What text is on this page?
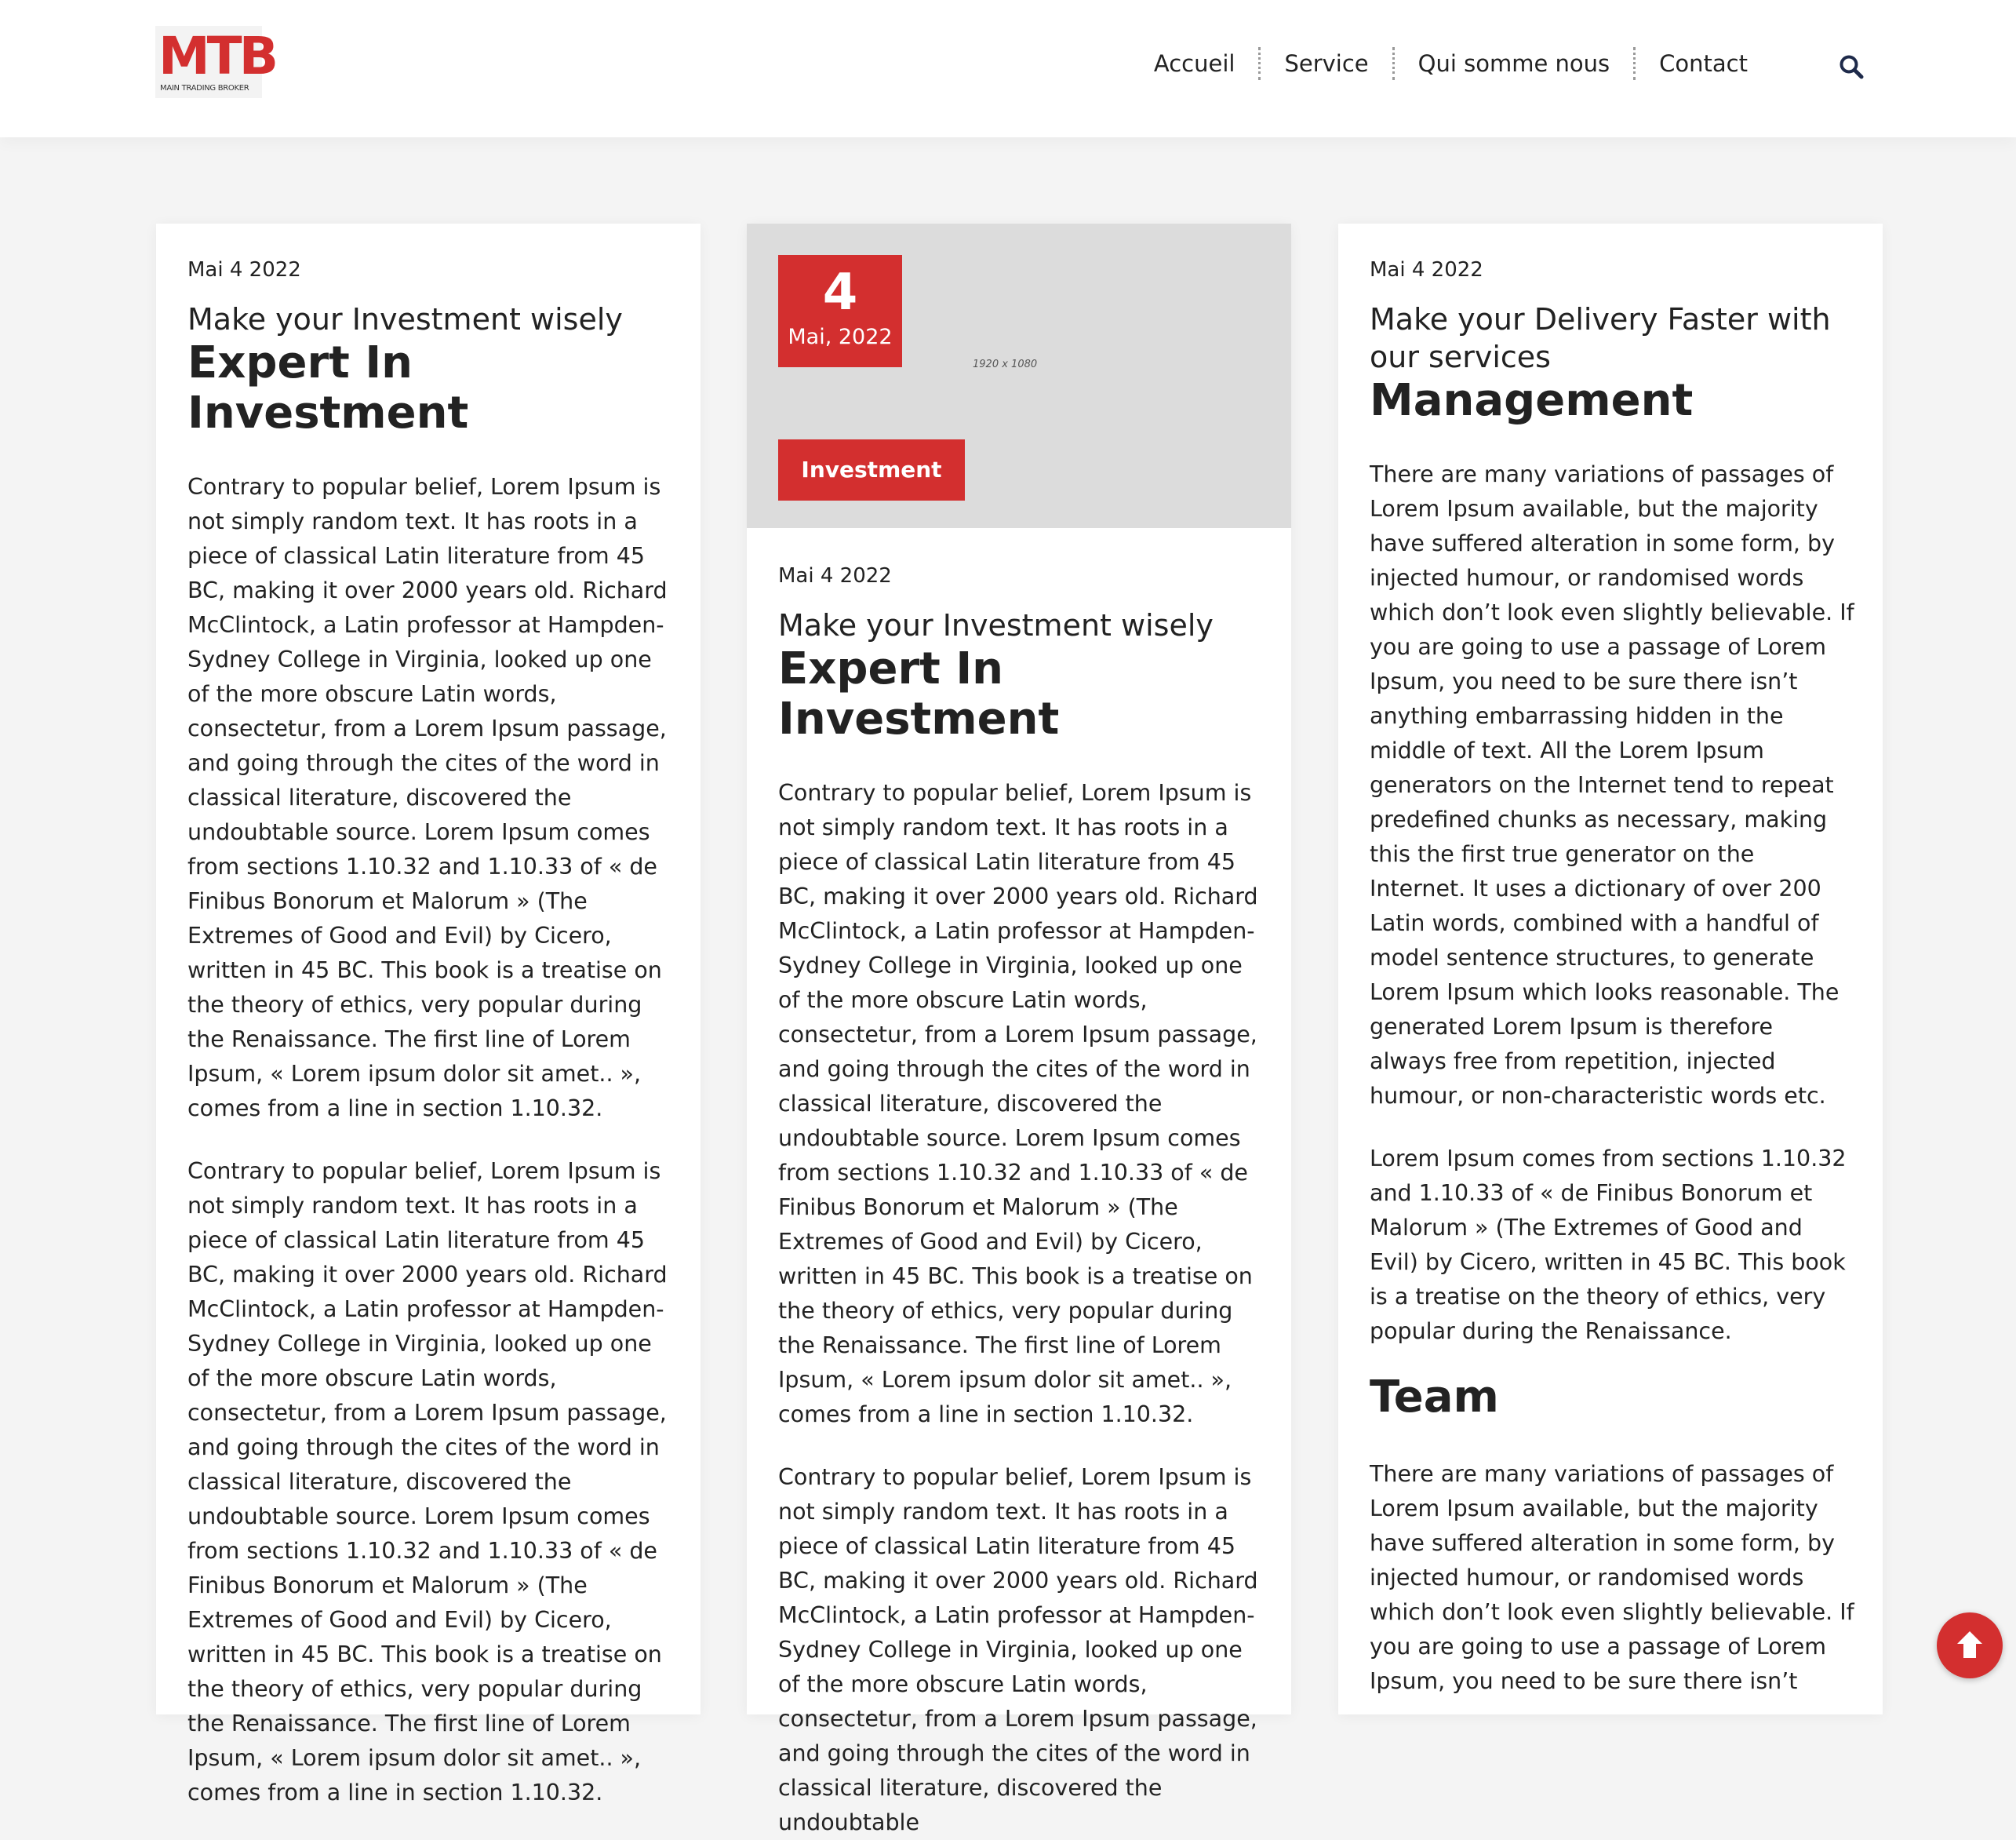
MTB
MAIN TRADING BROKER
Accueil	Service	Qui somme nous	Contact

Mai 4 2022

Make your Investment wisely
Expert In Investment

Contrary to popular belief, Lorem Ipsum is not simply random text. It has roots in a piece of classical Latin literature from 45 BC, making it over 2000 years old. Richard McClintock, a Latin professor at Hampden-Sydney College in Virginia, looked up one of the more obscure Latin words, consectetur, from a Lorem Ipsum passage, and going through the cites of the word in classical literature, discovered the undoubtable source. Lorem Ipsum comes from sections 1.10.32 and 1.10.33 of « de Finibus Bonorum et Malorum » (The Extremes of Good and Evil) by Cicero, written in 45 BC. This book is a treatise on the theory of ethics, very popular during the Renaissance. The first line of Lorem Ipsum, « Lorem ipsum dolor sit amet.. », comes from a line in section 1.10.32.

Contrary to popular belief, Lorem Ipsum is not simply random text. It has roots in a piece of classical Latin literature from 45 BC, making it over 2000 years old. Richard McClintock, a Latin professor at Hampden-Sydney College in Virginia, looked up one of the more obscure Latin words, consectetur, from a Lorem Ipsum passage, and going through the cites of the word in classical literature, discovered the undoubtable source. Lorem Ipsum comes from sections 1.10.32 and 1.10.33 of « de Finibus Bonorum et Malorum » (The Extremes of Good and Evil) by Cicero, written in 45 BC. This book is a treatise on the theory of ethics, very popular during the Renaissance. The first line of Lorem Ipsum, « Lorem ipsum dolor sit amet.. », comes from a line in section 1.10.32.

4
Mai, 2022
1920 x 1080
Investment

Mai 4 2022

Make your Investment wisely
Expert In Investment

Contrary to popular belief, Lorem Ipsum is not simply random text. It has roots in a piece of classical Latin literature from 45 BC, making it over 2000 years old. Richard McClintock, a Latin professor at Hampden-Sydney College in Virginia, looked up one of the more obscure Latin words, consectetur, from a Lorem Ipsum passage, and going through the cites of the word in classical literature, discovered the undoubtable source. Lorem Ipsum comes from sections 1.10.32 and 1.10.33 of « de Finibus Bonorum et Malorum » (The Extremes of Good and Evil) by Cicero, written in 45 BC. This book is a treatise on the theory of ethics, very popular during the Renaissance. The first line of Lorem Ipsum, « Lorem ipsum dolor sit amet.. », comes from a line in section 1.10.32.

Contrary to popular belief, Lorem Ipsum is not simply random text. It has roots in a piece of classical Latin literature from 45 BC, making it over 2000 years old. Richard McClintock, a Latin professor at Hampden-Sydney College in Virginia, looked up one of the more obscure Latin words, consectetur, from a Lorem Ipsum passage, and going through the cites of the word in classical literature, discovered the undoubtable

Mai 4 2022

Make your Delivery Faster with our services
Management

There are many variations of passages of Lorem Ipsum available, but the majority have suffered alteration in some form, by injected humour, or randomised words which don’t look even slightly believable. If you are going to use a passage of Lorem Ipsum, you need to be sure there isn’t anything embarrassing hidden in the middle of text. All the Lorem Ipsum generators on the Internet tend to repeat predefined chunks as necessary, making this the first true generator on the Internet. It uses a dictionary of over 200 Latin words, combined with a handful of model sentence structures, to generate Lorem Ipsum which looks reasonable. The generated Lorem Ipsum is therefore always free from repetition, injected humour, or non-characteristic words etc.

Lorem Ipsum comes from sections 1.10.32 and 1.10.33 of « de Finibus Bonorum et Malorum » (The Extremes of Good and Evil) by Cicero, written in 45 BC. This book is a treatise on the theory of ethics, very popular during the Renaissance.

Team

There are many variations of passages of Lorem Ipsum available, but the majority have suffered alteration in some form, by injected humour, or randomised words which don’t look even slightly believable. If you are going to use a passage of Lorem Ipsum, you need to be sure there isn’t
